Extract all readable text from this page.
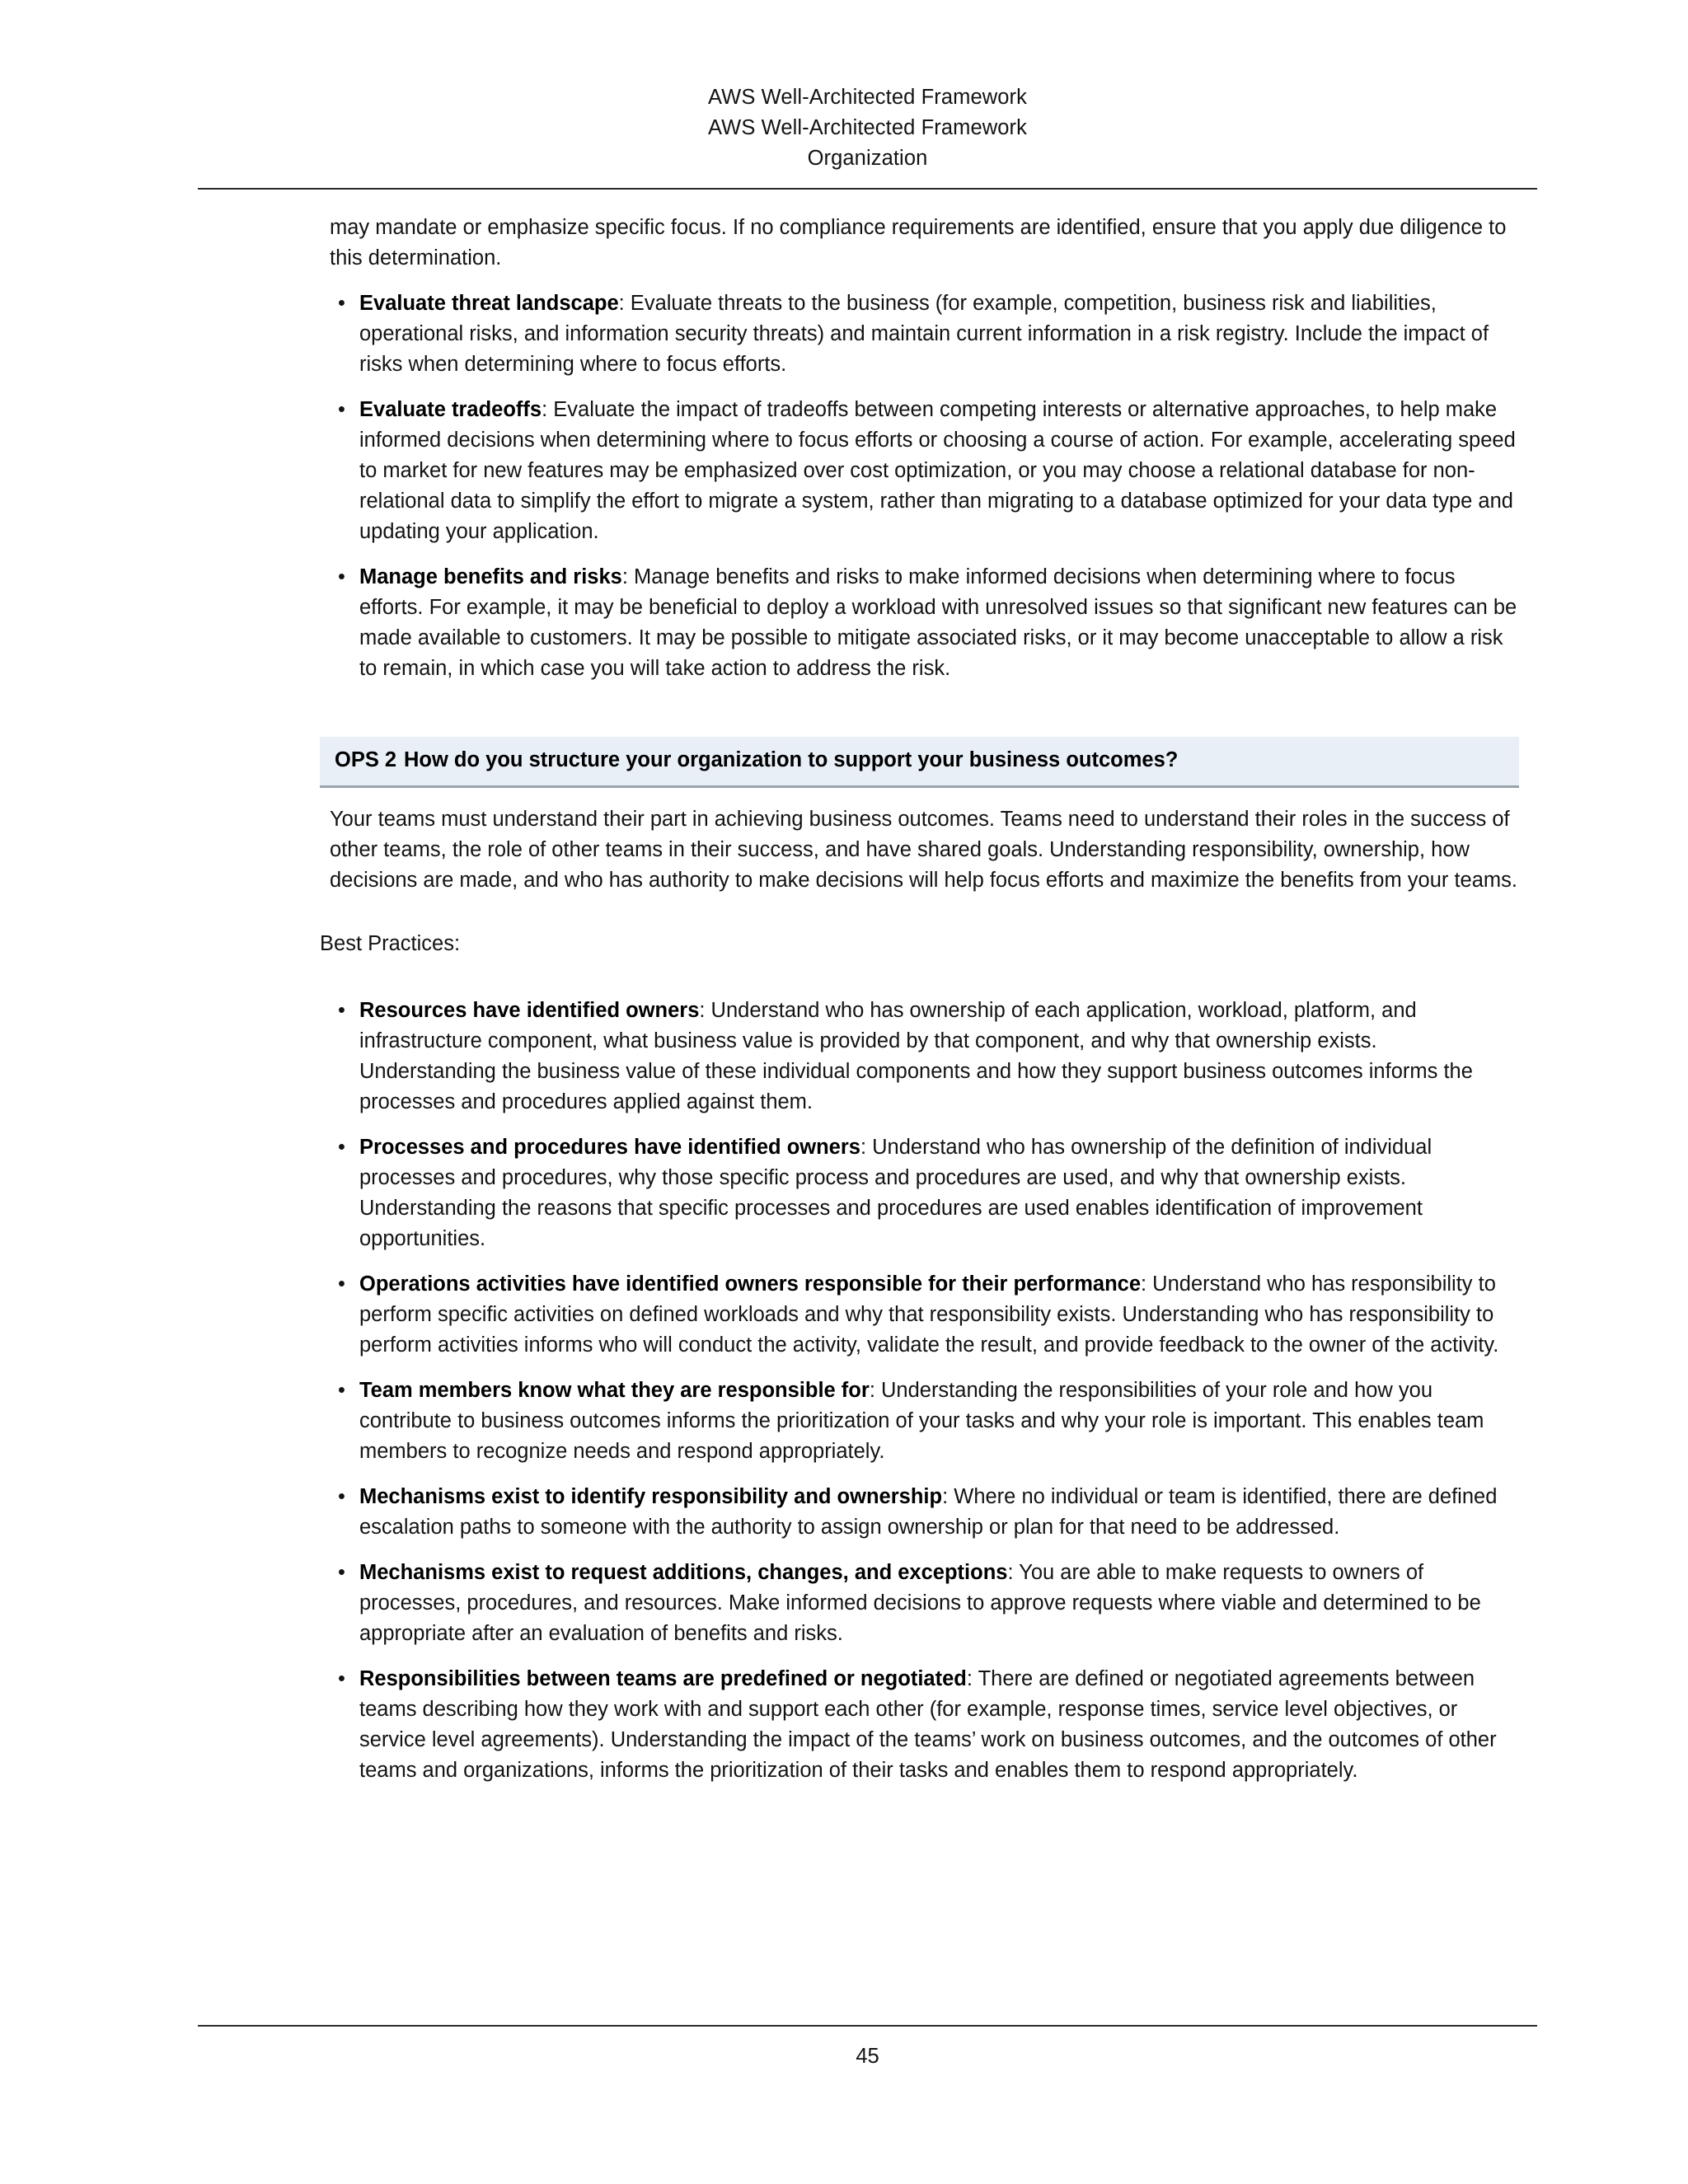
AWS Well-Architected Framework
AWS Well-Architected Framework
Organization

may mandate or emphasize specific focus. If no compliance requirements are identified, ensure that you apply due diligence to this determination.

• Evaluate threat landscape: Evaluate threats to the business (for example, competition, business risk and liabilities, operational risks, and information security threats) and maintain current information in a risk registry. Include the impact of risks when determining where to focus efforts.
• Evaluate tradeoffs: Evaluate the impact of tradeoffs between competing interests or alternative approaches, to help make informed decisions when determining where to focus efforts or choosing a course of action. For example, accelerating speed to market for new features may be emphasized over cost optimization, or you may choose a relational database for non-relational data to simplify the effort to migrate a system, rather than migrating to a database optimized for your data type and updating your application.
• Manage benefits and risks: Manage benefits and risks to make informed decisions when determining where to focus efforts. For example, it may be beneficial to deploy a workload with unresolved issues so that significant new features can be made available to customers. It may be possible to mitigate associated risks, or it may become unacceptable to allow a risk to remain, in which case you will take action to address the risk.
OPS 2 How do you structure your organization to support your business outcomes?

Your teams must understand their part in achieving business outcomes. Teams need to understand their roles in the success of other teams, the role of other teams in their success, and have shared goals. Understanding responsibility, ownership, how decisions are made, and who has authority to make decisions will help focus efforts and maximize the benefits from your teams.

Best Practices:
• Resources have identified owners: Understand who has ownership of each application, workload, platform, and infrastructure component, what business value is provided by that component, and why that ownership exists. Understanding the business value of these individual components and how they support business outcomes informs the processes and procedures applied against them.
• Processes and procedures have identified owners: Understand who has ownership of the definition of individual processes and procedures, why those specific process and procedures are used, and why that ownership exists. Understanding the reasons that specific processes and procedures are used enables identification of improvement opportunities.
• Operations activities have identified owners responsible for their performance: Understand who has responsibility to perform specific activities on defined workloads and why that responsibility exists. Understanding who has responsibility to perform activities informs who will conduct the activity, validate the result, and provide feedback to the owner of the activity.
• Team members know what they are responsible for: Understanding the responsibilities of your role and how you contribute to business outcomes informs the prioritization of your tasks and why your role is important. This enables team members to recognize needs and respond appropriately.
• Mechanisms exist to identify responsibility and ownership: Where no individual or team is identified, there are defined escalation paths to someone with the authority to assign ownership or plan for that need to be addressed.
• Mechanisms exist to request additions, changes, and exceptions: You are able to make requests to owners of processes, procedures, and resources. Make informed decisions to approve requests where viable and determined to be appropriate after an evaluation of benefits and risks.
• Responsibilities between teams are predefined or negotiated: There are defined or negotiated agreements between teams describing how they work with and support each other (for example, response times, service level objectives, or service level agreements). Understanding the impact of the teams’ work on business outcomes, and the outcomes of other teams and organizations, informs the prioritization of their tasks and enables them to respond appropriately.
45
